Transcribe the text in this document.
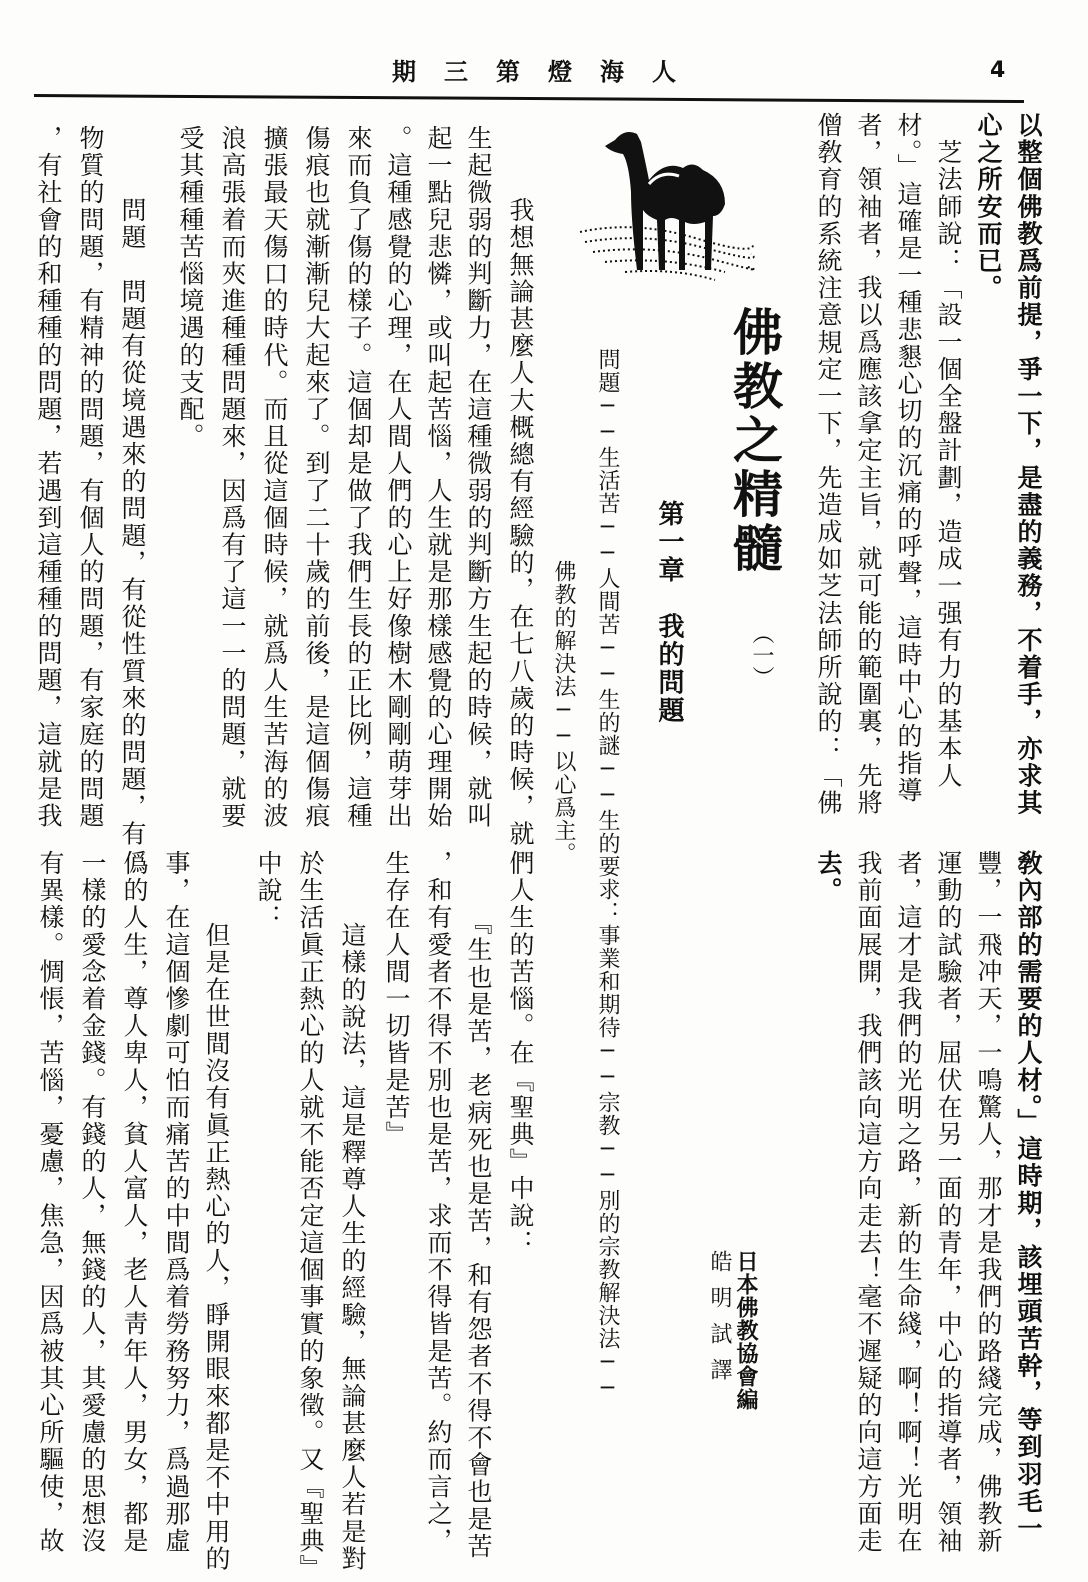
人海燈第三期	4
以整個佛教爲前提，爭一下，是盡的義務，不着手，亦求其
心之所安而已。
　芝法師說：「設一個全盤計劃，造成一强有力的基本人
材。」這確是一種悲懇心切的沉痛的呼聲，這時中心的指導
者，領袖者，我以爲應該拿定主旨，就可能的範圍裏，先將
僧敎育的系統注意規定一下，先造成如芝法師所說的：「佛
佛教之精髓
（一）
第一章　我的問題
問題──生活苦──人間苦──生的謎──生的要求：事業和期待──宗教──別的宗教解決法──
佛教的解決法──以心爲主。
日本佛教協會編
皓明試譯
　我想無論甚麼人大概總有經驗的，在七八歲的時候，就
生起微弱的判斷力，在這種微弱的判斷方生起的時候，就叫
起一點兒悲憐，或叫起苦惱，人生就是那樣感覺的心理開始
。這種感覺的心理，在人間人們的心上好像樹木剛剛萌芽出
來而負了傷的樣子。這個却是做了我們生長的正比例，這種
傷痕也就漸漸兒大起來了。到了二十歲的前後，是這個傷痕
擴張最天傷口的時代。而且從這個時候，就爲人生苦海的波
浪高張着而夾進種種問題來，因爲有了這一一的問題，就要
受其種種苦惱境遇的支配。
　問題　問題有從境遇來的問題，有從性質來的問題，有
物質的問題，有精神的問題，有個人的問題，有家庭的問題
，有社會的和種種的問題，若遇到這種種的問題，這就是我
敎內部的需要的人材。」這時期，該埋頭苦幹，等到羽毛一
豐，一飛冲天，一鳴驚人，那才是我們的路綫完成，佛教新
運動的試驗者，屈伏在另一面的青年，中心的指導者，領袖
者，這才是我們的光明之路，新的生命綫，啊！啊！光明在
我前面展開，我們該向這方向走去！毫不遲疑的向這方面走
去。
們人生的苦惱。在『聖典』中說：
　『生也是苦，老病死也是苦，和有怨者不得不會也是苦
，和有愛者不得不別也是苦，求而不得皆是苦。約而言之，
生存在人間一切皆是苦』
　這樣的說法，這是釋尊人生的經驗，無論甚麼人若是對
於生活眞正熱心的人就不能否定這個事實的象徵。又『聖典』
中說：
　但是在世間沒有眞正熱心的人，睜開眼來都是不中用的
事，在這個慘劇可怕而痛苦的中間爲着勞務努力，爲過那虛
僞的人生，尊人卑人，貧人富人，老人靑年人，男女，都是
一樣的愛念着金錢。有錢的人，無錢的人，其愛慮的思想沒
有異樣。惆悵，苦惱，憂慮，焦急，因爲被其心所驅使，故
